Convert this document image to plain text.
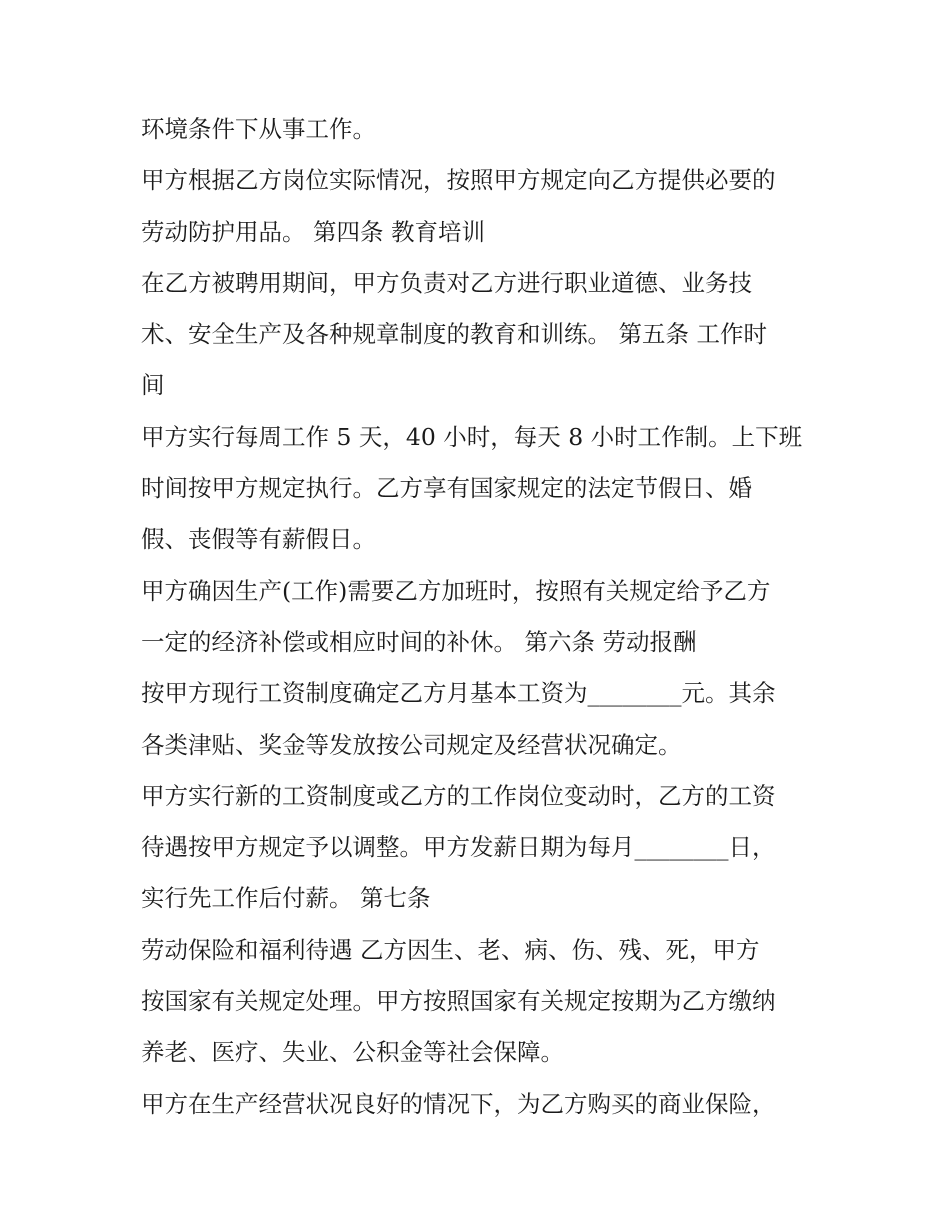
环境条件下从事工作。
甲方根据乙方岗位实际情况，按照甲方规定向乙方提供必要的
劳动防护用品。 第四条 教育培训
在乙方被聘用期间，甲方负责对乙方进行职业道德、业务技
术、安全生产及各种规章制度的教育和训练。 第五条 工作时
间
甲方实行每周工作 5 天，40 小时，每天 8 小时工作制。上下班
时间按甲方规定执行。乙方享有国家规定的法定节假日、婚
假、丧假等有薪假日。
甲方确因生产(工作)需要乙方加班时，按照有关规定给予乙方
一定的经济补偿或相应时间的补休。 第六条 劳动报酬
按甲方现行工资制度确定乙方月基本工资为________元。其余
各类津贴、奖金等发放按公司规定及经营状况确定。
甲方实行新的工资制度或乙方的工作岗位变动时，乙方的工资
待遇按甲方规定予以调整。甲方发薪日期为每月________日，
实行先工作后付薪。 第七条
劳动保险和福利待遇 乙方因生、老、病、伤、残、死，甲方
按国家有关规定处理。甲方按照国家有关规定按期为乙方缴纳
养老、医疗、失业、公积金等社会保障。
甲方在生产经营状况良好的情况下，为乙方购买的商业保险，
